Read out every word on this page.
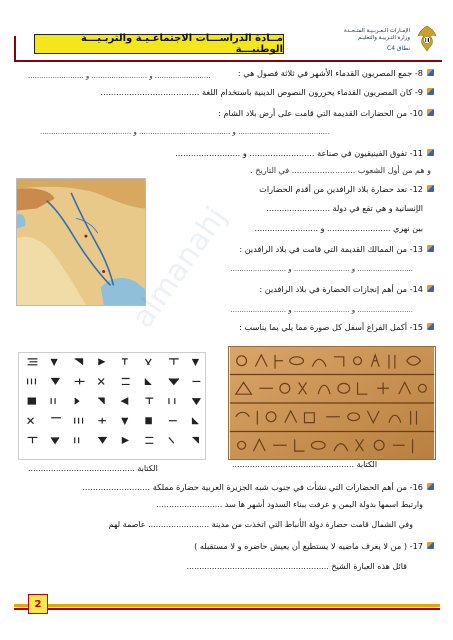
مــادة الدراســـات الاجتماعـيـة والتربـيـــة الوطنيـــة
الإمـارات الـعـربـيـة المتـحـدة
وزارة التـربيـة والتعليـم
نطاق C4
8- جمع المصريون القدماء الأشهر في ثلاثة فصول هي :
......................... و ......................... و .........................
9- كان المصريون القدماء يحررون النصوص الدينية باستخدام اللغة ......................................
10- من الحضارات القديمة التي قامت على أرض بلاد الشام :
......................................... و ......................................... و .........................................
11- تفوق الفينيقيون في صناعة ......................... و .........................
و هم من أول الشعوب ......................... في التاريخ .
12- تعد حضارة بلاد الرافدين من أقدم الحضارات
الإنسانية و هي تقع في دولة .........................
بين نهري ......................... و .........................
13- من الممالك القديمة التي قامت في بلاد الرافدين :
......................... و ......................... و .........................
14- من أهم إنجازات الحضارة في بلاد الرافدين :
......................... و ......................... و .........................
15- أكمل الفراغ أسفل كل صورة مما يلي بما يناسب :
الكتابة ..........................................	الكتابة ................................................
16- من أهم الحضارات التي نشأت في جنوب شبه الجزيرة العربية حضارة مملكة ..........................
وارتبط اسمها بدولة اليمن و عرفت ببناء السدود أشهر ها سد ..........................
وفي الشمال قامت حضارة دولة الأنباط التي اتخذت من مدينة ........................ عاصمة لهم
17- ( من لا يعرف ماضيه لا يستطيع أن يعيش حاضره و لا مستقبله )
قائل هذه العبارة الشيخ ........................................................
2
almanahj
